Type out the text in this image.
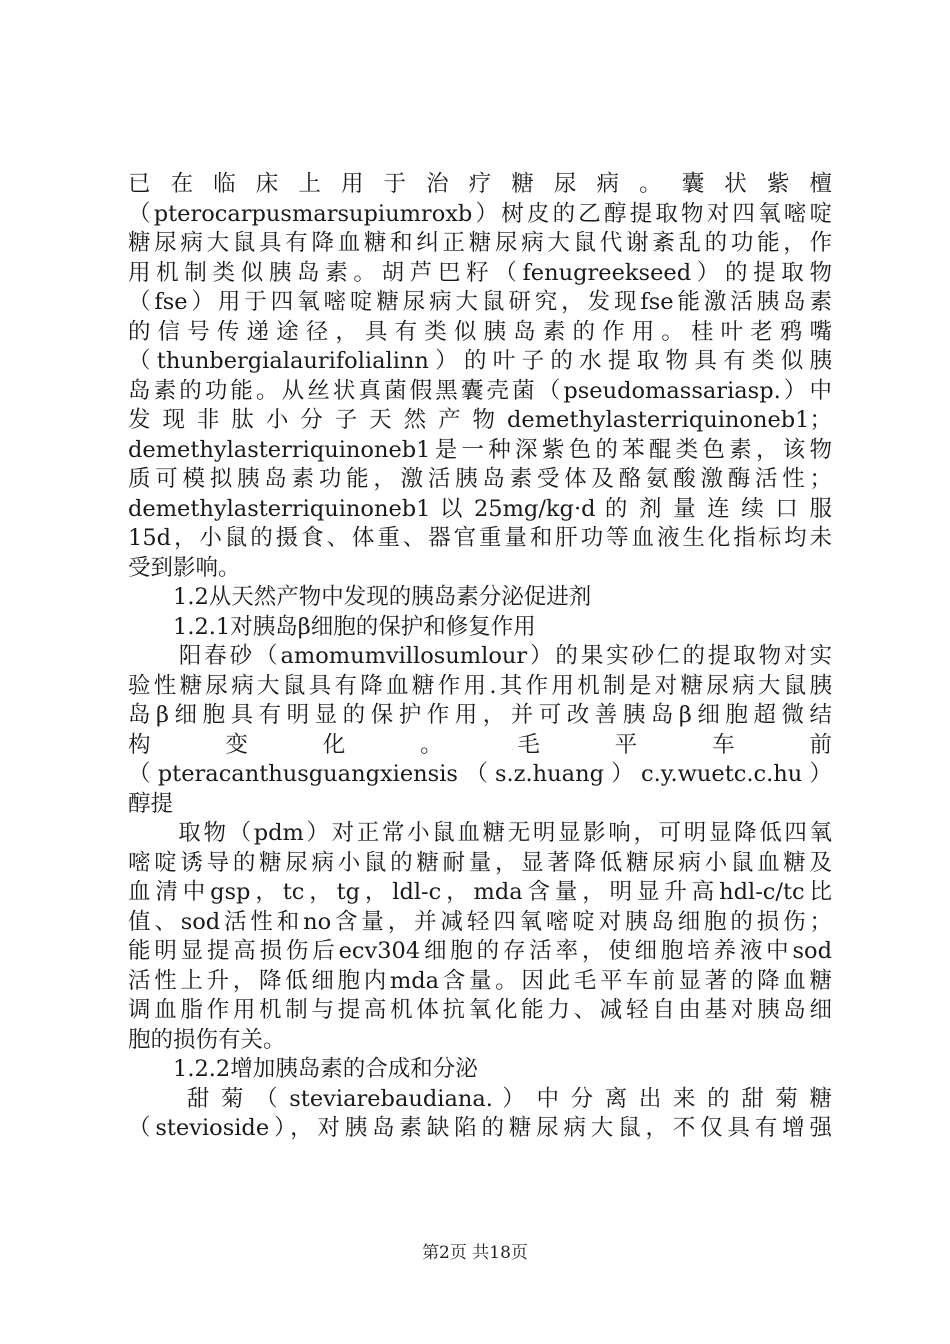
已 在 临 床 上 用 于 治 疗 糖 尿 病 。 囊 状 紫 檀
（pterocarpusmarsupiumroxb）树皮的乙醇提取物对四氧嘧啶
糖尿病大鼠具有降血糖和纠正糖尿病大鼠代谢紊乱的功能，作
用机制类似胰岛素。胡芦巴籽（fenugreekseed）的提取物
（fse）用于四氧嘧啶糖尿病大鼠研究，发现fse能激活胰岛素
的信号传递途径，具有类似胰岛素的作用。桂叶老鸦嘴
（thunbergialaurifolialinn）的叶子的水提取物具有类似胰
岛素的功能。从丝状真菌假黑囊壳菌（pseudomassariasp.）中
发 现 非 肽 小 分 子 天 然 产 物 demethylasterriquinoneb1；
demethylasterriquinoneb1是一种深紫色的苯醌类色素，该物
质可模拟胰岛素功能，激活胰岛素受体及酪氨酸激酶活性；
demethylasterriquinoneb1 以 25mg/kg·d 的 剂 量 连 续 口 服
15d，小鼠的摄食、体重、器官重量和肝功等血液生化指标均未
受到影响。
　　1.2从天然产物中发现的胰岛素分泌促进剂
　　1.2.1对胰岛β细胞的保护和修复作用
　　阳春砂（amomumvillosumlour）的果实砂仁的提取物对实
验性糖尿病大鼠具有降血糖作用.其作用机制是对糖尿病大鼠胰
岛β细胞具有明显的保护作用，并可改善胰岛β细胞超微结
构 变 化 。 毛 平 车 前
（pteracanthusguangxiensis（s.z.huang）c.y.wuetc.c.hu）
醇提
　　取物（pdm）对正常小鼠血糖无明显影响，可明显降低四氧
嘧啶诱导的糖尿病小鼠的糖耐量，显著降低糖尿病小鼠血糖及
血清中gsp，tc，tg，ldl-c，mda含量，明显升高hdl-c/tc比
值、sod活性和no含量，并减轻四氧嘧啶对胰岛细胞的损伤；
能明显提高损伤后ecv304细胞的存活率，使细胞培养液中sod
活性上升，降低细胞内mda含量。因此毛平车前显著的降血糖
调血脂作用机制与提高机体抗氧化能力、减轻自由基对胰岛细
胞的损伤有关。
　　1.2.2增加胰岛素的合成和分泌
　　 甜 菊 （ steviarebaudiana. ） 中 分 离 出 来 的 甜 菊 糖
（stevioside），对胰岛素缺陷的糖尿病大鼠，不仅具有增强
第2页 共18页
